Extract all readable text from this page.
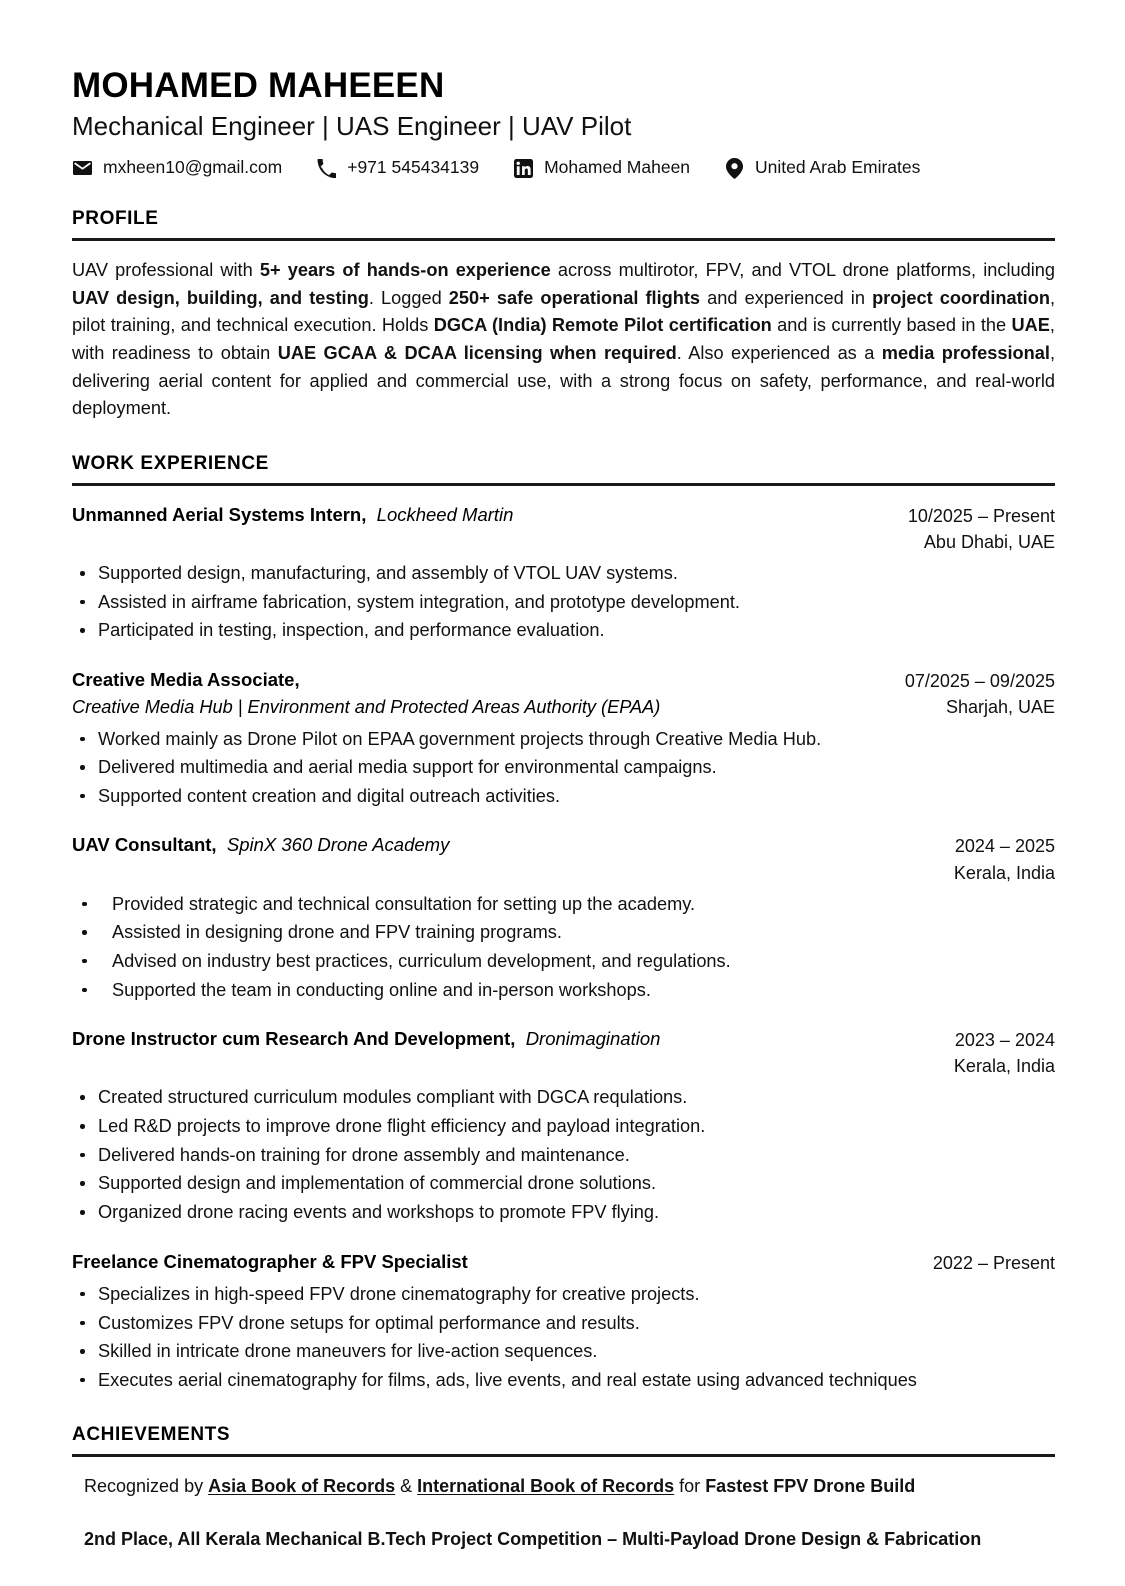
MOHAMED MAHEEEN
Mechanical Engineer | UAS Engineer | UAV Pilot
mxheen10@gmail.com	+971 545434139	Mohamed Maheen	United Arab Emirates
PROFILE

UAV professional with 5+ years of hands-on experience across multirotor, FPV, and VTOL drone platforms, including UAV design, building, and testing. Logged 250+ safe operational flights and experienced in project coordination, pilot training, and technical execution. Holds DGCA (India) Remote Pilot certification and is currently based in the UAE, with readiness to obtain UAE GCAA & DCAA licensing when required. Also experienced as a media professional, delivering aerial content for applied and commercial use, with a strong focus on safety, performance, and real-world deployment.

WORK EXPERIENCE
Unmanned Aerial Systems Intern,  Lockheed Martin	10/2025 – Present
Abu Dhabi, UAE
Supported design, manufacturing, and assembly of VTOL UAV systems.
Assisted in airframe fabrication, system integration, and prototype development.
Participated in testing, inspection, and performance evaluation.
Creative Media Associate,
Creative Media Hub | Environment and Protected Areas Authority (EPAA)
07/2025 – 09/2025
Sharjah, UAE
Worked mainly as Drone Pilot on EPAA government projects through Creative Media Hub.
Delivered multimedia and aerial media support for environmental campaigns.
Supported content creation and digital outreach activities.
UAV Consultant,  SpinX 360 Drone Academy	2024 – 2025
Kerala, India
Provided strategic and technical consultation for setting up the academy.
Assisted in designing drone and FPV training programs.
Advised on industry best practices, curriculum development, and regulations.
Supported the team in conducting online and in-person workshops.
Drone Instructor cum Research And Development,  Dronimagination	2023 – 2024
Kerala, India
Created structured curriculum modules compliant with DGCA requlations.
Led R&D projects to improve drone flight efficiency and payload integration.
Delivered hands-on training for drone assembly and maintenance.
Supported design and implementation of commercial drone solutions.
Organized drone racing events and workshops to promote FPV flying.
Freelance Cinematographer & FPV Specialist	2022 – Present
Specializes in high-speed FPV drone cinematography for creative projects.
Customizes FPV drone setups for optimal performance and results.
Skilled in intricate drone maneuvers for live-action sequences.
Executes aerial cinematography for films, ads, live events, and real estate using advanced techniques
ACHIEVEMENTS

Recognized by Asia Book of Records & International Book of Records for Fastest FPV Drone Build

2nd Place, All Kerala Mechanical B.Tech Project Competition – Multi-Payload Drone Design & Fabrication
